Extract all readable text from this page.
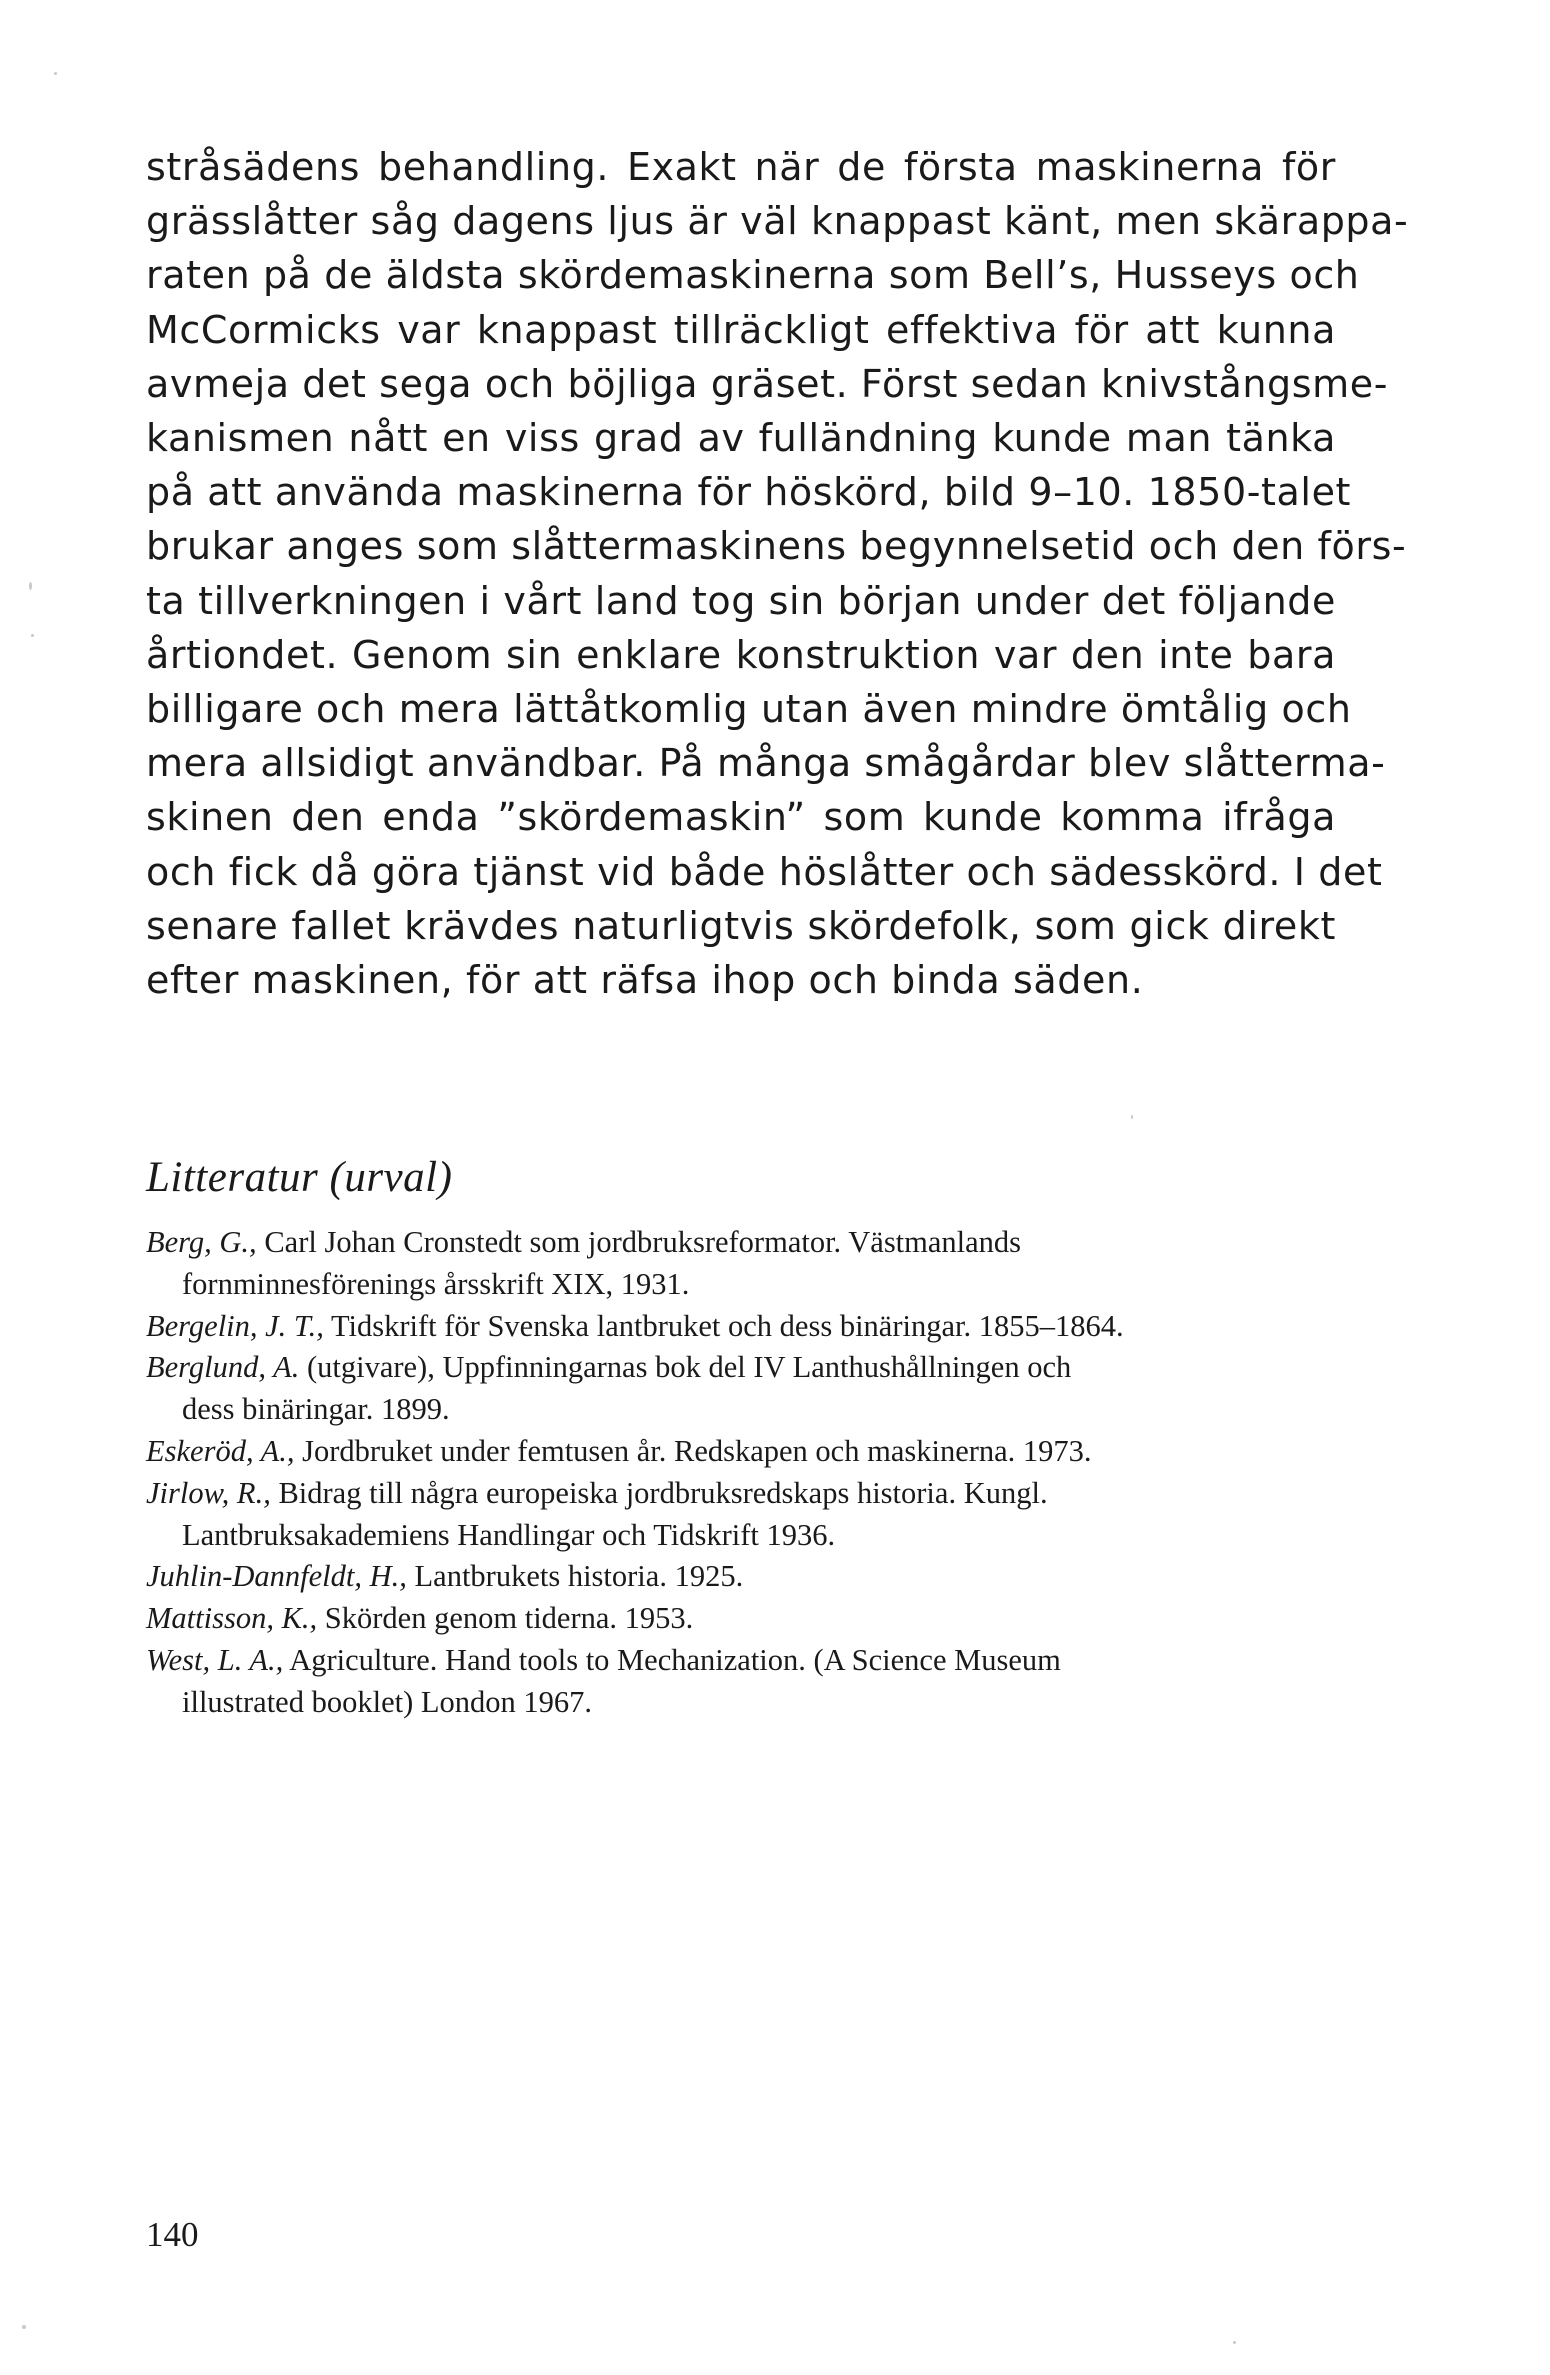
stråsädens behandling. Exakt när de första maskinerna för
grässlåtter såg dagens ljus är väl knappast känt, men skärappa-
raten på de äldsta skördemaskinerna som Bell’s, Husseys och
McCormicks var knappast tillräckligt effektiva för att kunna
avmeja det sega och böjliga gräset. Först sedan knivstångsme-
kanismen nått en viss grad av fulländning kunde man tänka
på att använda maskinerna för höskörd, bild 9–10. 1850-talet
brukar anges som slåttermaskinens begynnelsetid och den förs-
ta tillverkningen i vårt land tog sin början under det följande
årtiondet. Genom sin enklare konstruktion var den inte bara
billigare och mera lättåtkomlig utan även mindre ömtålig och
mera allsidigt användbar. På många smågårdar blev slåtterma-
skinen den enda ”skördemaskin” som kunde komma ifråga
och fick då göra tjänst vid både höslåtter och sädesskörd. I det
senare fallet krävdes naturligtvis skördefolk, som gick direkt
efter maskinen, för att räfsa ihop och binda säden.
Litteratur (urval)
Berg, G., Carl Johan Cronstedt som jordbruksreformator. Västmanlands
fornminnesförenings årsskrift XIX, 1931.
Bergelin, J. T., Tidskrift för Svenska lantbruket och dess binäringar. 1855–1864.
Berglund, A. (utgivare), Uppfinningarnas bok del IV Lanthushållningen och
dess binäringar. 1899.
Eskeröd, A., Jordbruket under femtusen år. Redskapen och maskinerna. 1973.
Jirlow, R., Bidrag till några europeiska jordbruksredskaps historia. Kungl.
Lantbruksakademiens Handlingar och Tidskrift 1936.
Juhlin-Dannfeldt, H., Lantbrukets historia. 1925.
Mattisson, K., Skörden genom tiderna. 1953.
West, L. A., Agriculture. Hand tools to Mechanization. (A Science Museum
illustrated booklet) London 1967.

140
